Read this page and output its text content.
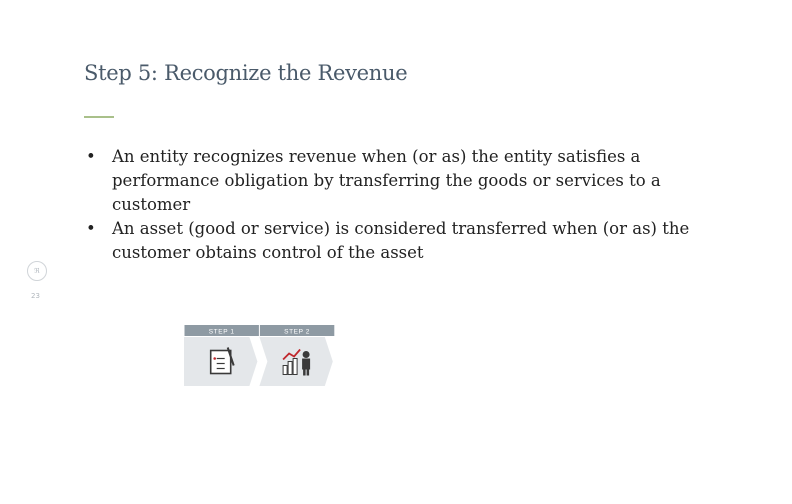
Step 5: Recognize the Revenue
• An entity recognizes revenue when (or as) the entity satisfies a performance obligation by transferring the goods or services to a customer
• An asset (good or service) is considered transferred when (or as) the customer obtains control of the asset
ℜ
23
STEP 1	STEP 2
